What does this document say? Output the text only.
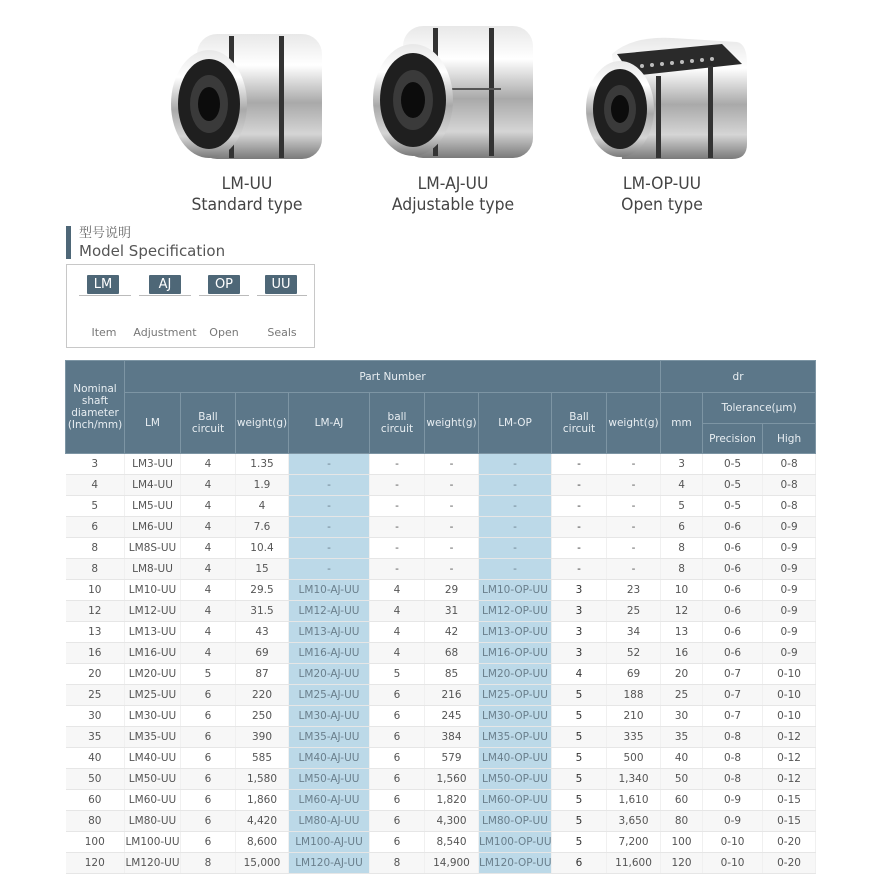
LM-UU
Standard type
LM-AJ-UU
Adjustable type
LM-OP-UU
Open type
型号说明
Model Specification
LM	AJ	OP	UU
Item Adjustment Open	Seals
Nominal shaft diameter (Inch/mm)	Part Number									dr		
	LM	Ball circuit	weight(g)	LM-AJ	ball circuit	weight(g)	LM-OP	Ball circuit	weight(g)	mm	Tolerance(μm)	
											Precision	High
3	LM3-UU	4	1.35	-	-	-	-	-	-	3	0-5	0-8
4	LM4-UU	4	1.9	-	-	-	-	-	-	4	0-5	0-8
5	LM5-UU	4	4	-	-	-	-	-	-	5	0-5	0-8
6	LM6-UU	4	7.6	-	-	-	-	-	-	6	0-6	0-9
8	LM8S-UU	4	10.4	-	-	-	-	-	-	8	0-6	0-9
8	LM8-UU	4	15	-	-	-	-	-	-	8	0-6	0-9
10	LM10-UU	4	29.5	LM10-AJ-UU	4	29	LM10-OP-UU	3	23	10	0-6	0-9
12	LM12-UU	4	31.5	LM12-AJ-UU	4	31	LM12-OP-UU	3	25	12	0-6	0-9
13	LM13-UU	4	43	LM13-AJ-UU	4	42	LM13-OP-UU	3	34	13	0-6	0-9
16	LM16-UU	4	69	LM16-AJ-UU	4	68	LM16-OP-UU	3	52	16	0-6	0-9
20	LM20-UU	5	87	LM20-AJ-UU	5	85	LM20-OP-UU	4	69	20	0-7	0-10
25	LM25-UU	6	220	LM25-AJ-UU	6	216	LM25-OP-UU	5	188	25	0-7	0-10
30	LM30-UU	6	250	LM30-AJ-UU	6	245	LM30-OP-UU	5	210	30	0-7	0-10
35	LM35-UU	6	390	LM35-AJ-UU	6	384	LM35-OP-UU	5	335	35	0-8	0-12
40	LM40-UU	6	585	LM40-AJ-UU	6	579	LM40-OP-UU	5	500	40	0-8	0-12
50	LM50-UU	6	1,580	LM50-AJ-UU	6	1,560	LM50-OP-UU	5	1,340	50	0-8	0-12
60	LM60-UU	6	1,860	LM60-AJ-UU	6	1,820	LM60-OP-UU	5	1,610	60	0-9	0-15
80	LM80-UU	6	4,420	LM80-AJ-UU	6	4,300	LM80-OP-UU	5	3,650	80	0-9	0-15
100	LM100-UU	6	8,600	LM100-AJ-UU	6	8,540	LM100-OP-UU	5	7,200	100	0-10	0-20
120	LM120-UU	8	15,000	LM120-AJ-UU	8	14,900	LM120-OP-UU	6	11,600	120	0-10	0-20
